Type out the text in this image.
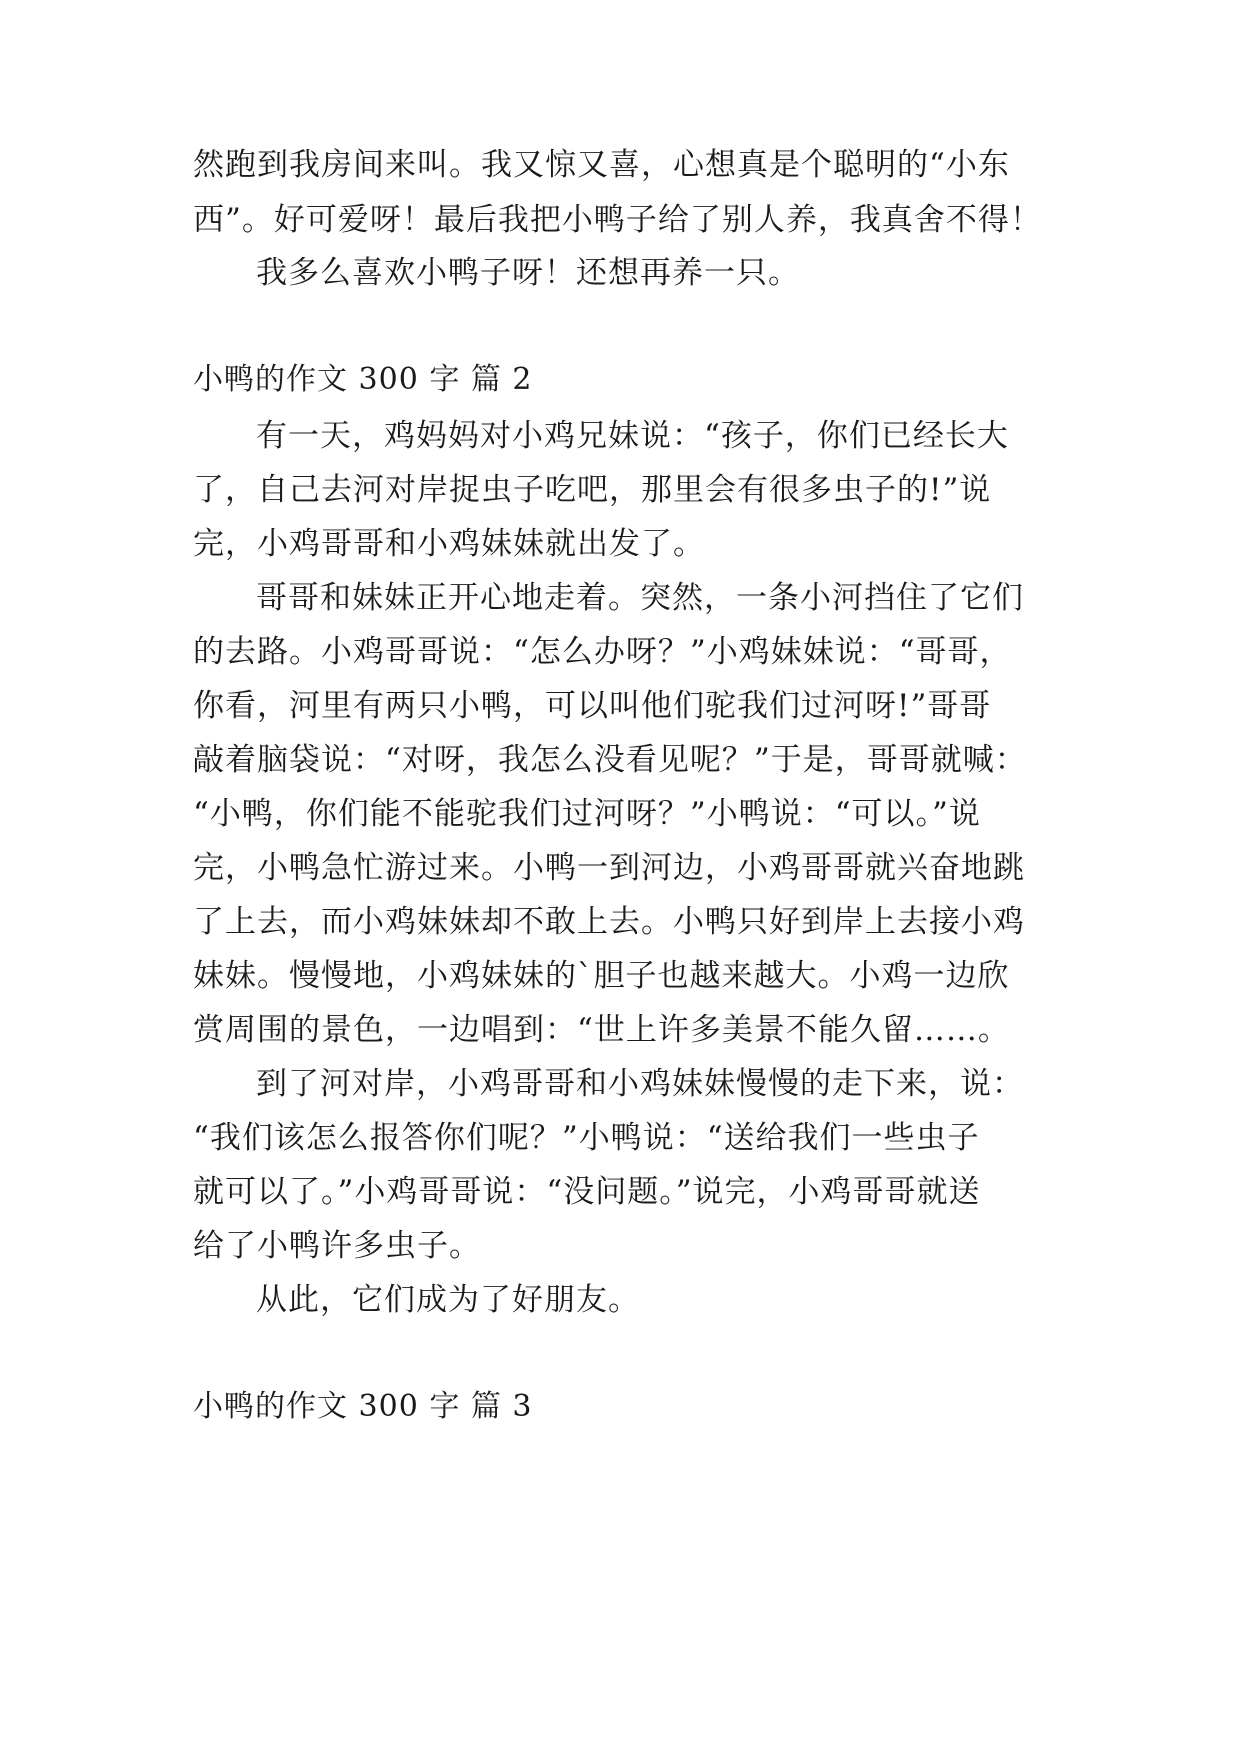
然跑到我房间来叫。我又惊又喜，心想真是个聪明的“小东
西”。好可爱呀！最后我把小鸭子给了别人养，我真舍不得！
我多么喜欢小鸭子呀！还想再养一只。
小鸭的作文 300 字 篇 2
有一天，鸡妈妈对小鸡兄妹说：“孩子，你们已经长大
了，自己去河对岸捉虫子吃吧，那里会有很多虫子的!”说
完，小鸡哥哥和小鸡妹妹就出发了。
哥哥和妹妹正开心地走着。突然，一条小河挡住了它们
的去路。小鸡哥哥说：“怎么办呀？”小鸡妹妹说：“哥哥，
你看，河里有两只小鸭，可以叫他们驼我们过河呀!”哥哥
敲着脑袋说：“对呀，我怎么没看见呢？”于是，哥哥就喊：
“小鸭，你们能不能驼我们过河呀？”小鸭说：“可以。”说
完，小鸭急忙游过来。小鸭一到河边，小鸡哥哥就兴奋地跳
了上去，而小鸡妹妹却不敢上去。小鸭只好到岸上去接小鸡
妹妹。慢慢地，小鸡妹妹的`胆子也越来越大。小鸡一边欣
赏周围的景色，一边唱到：“世上许多美景不能久留……。
到了河对岸，小鸡哥哥和小鸡妹妹慢慢的走下来，说：
“我们该怎么报答你们呢？”小鸭说：“送给我们一些虫子
就可以了。”小鸡哥哥说：“没问题。”说完，小鸡哥哥就送
给了小鸭许多虫子。
从此，它们成为了好朋友。
小鸭的作文 300 字 篇 3
